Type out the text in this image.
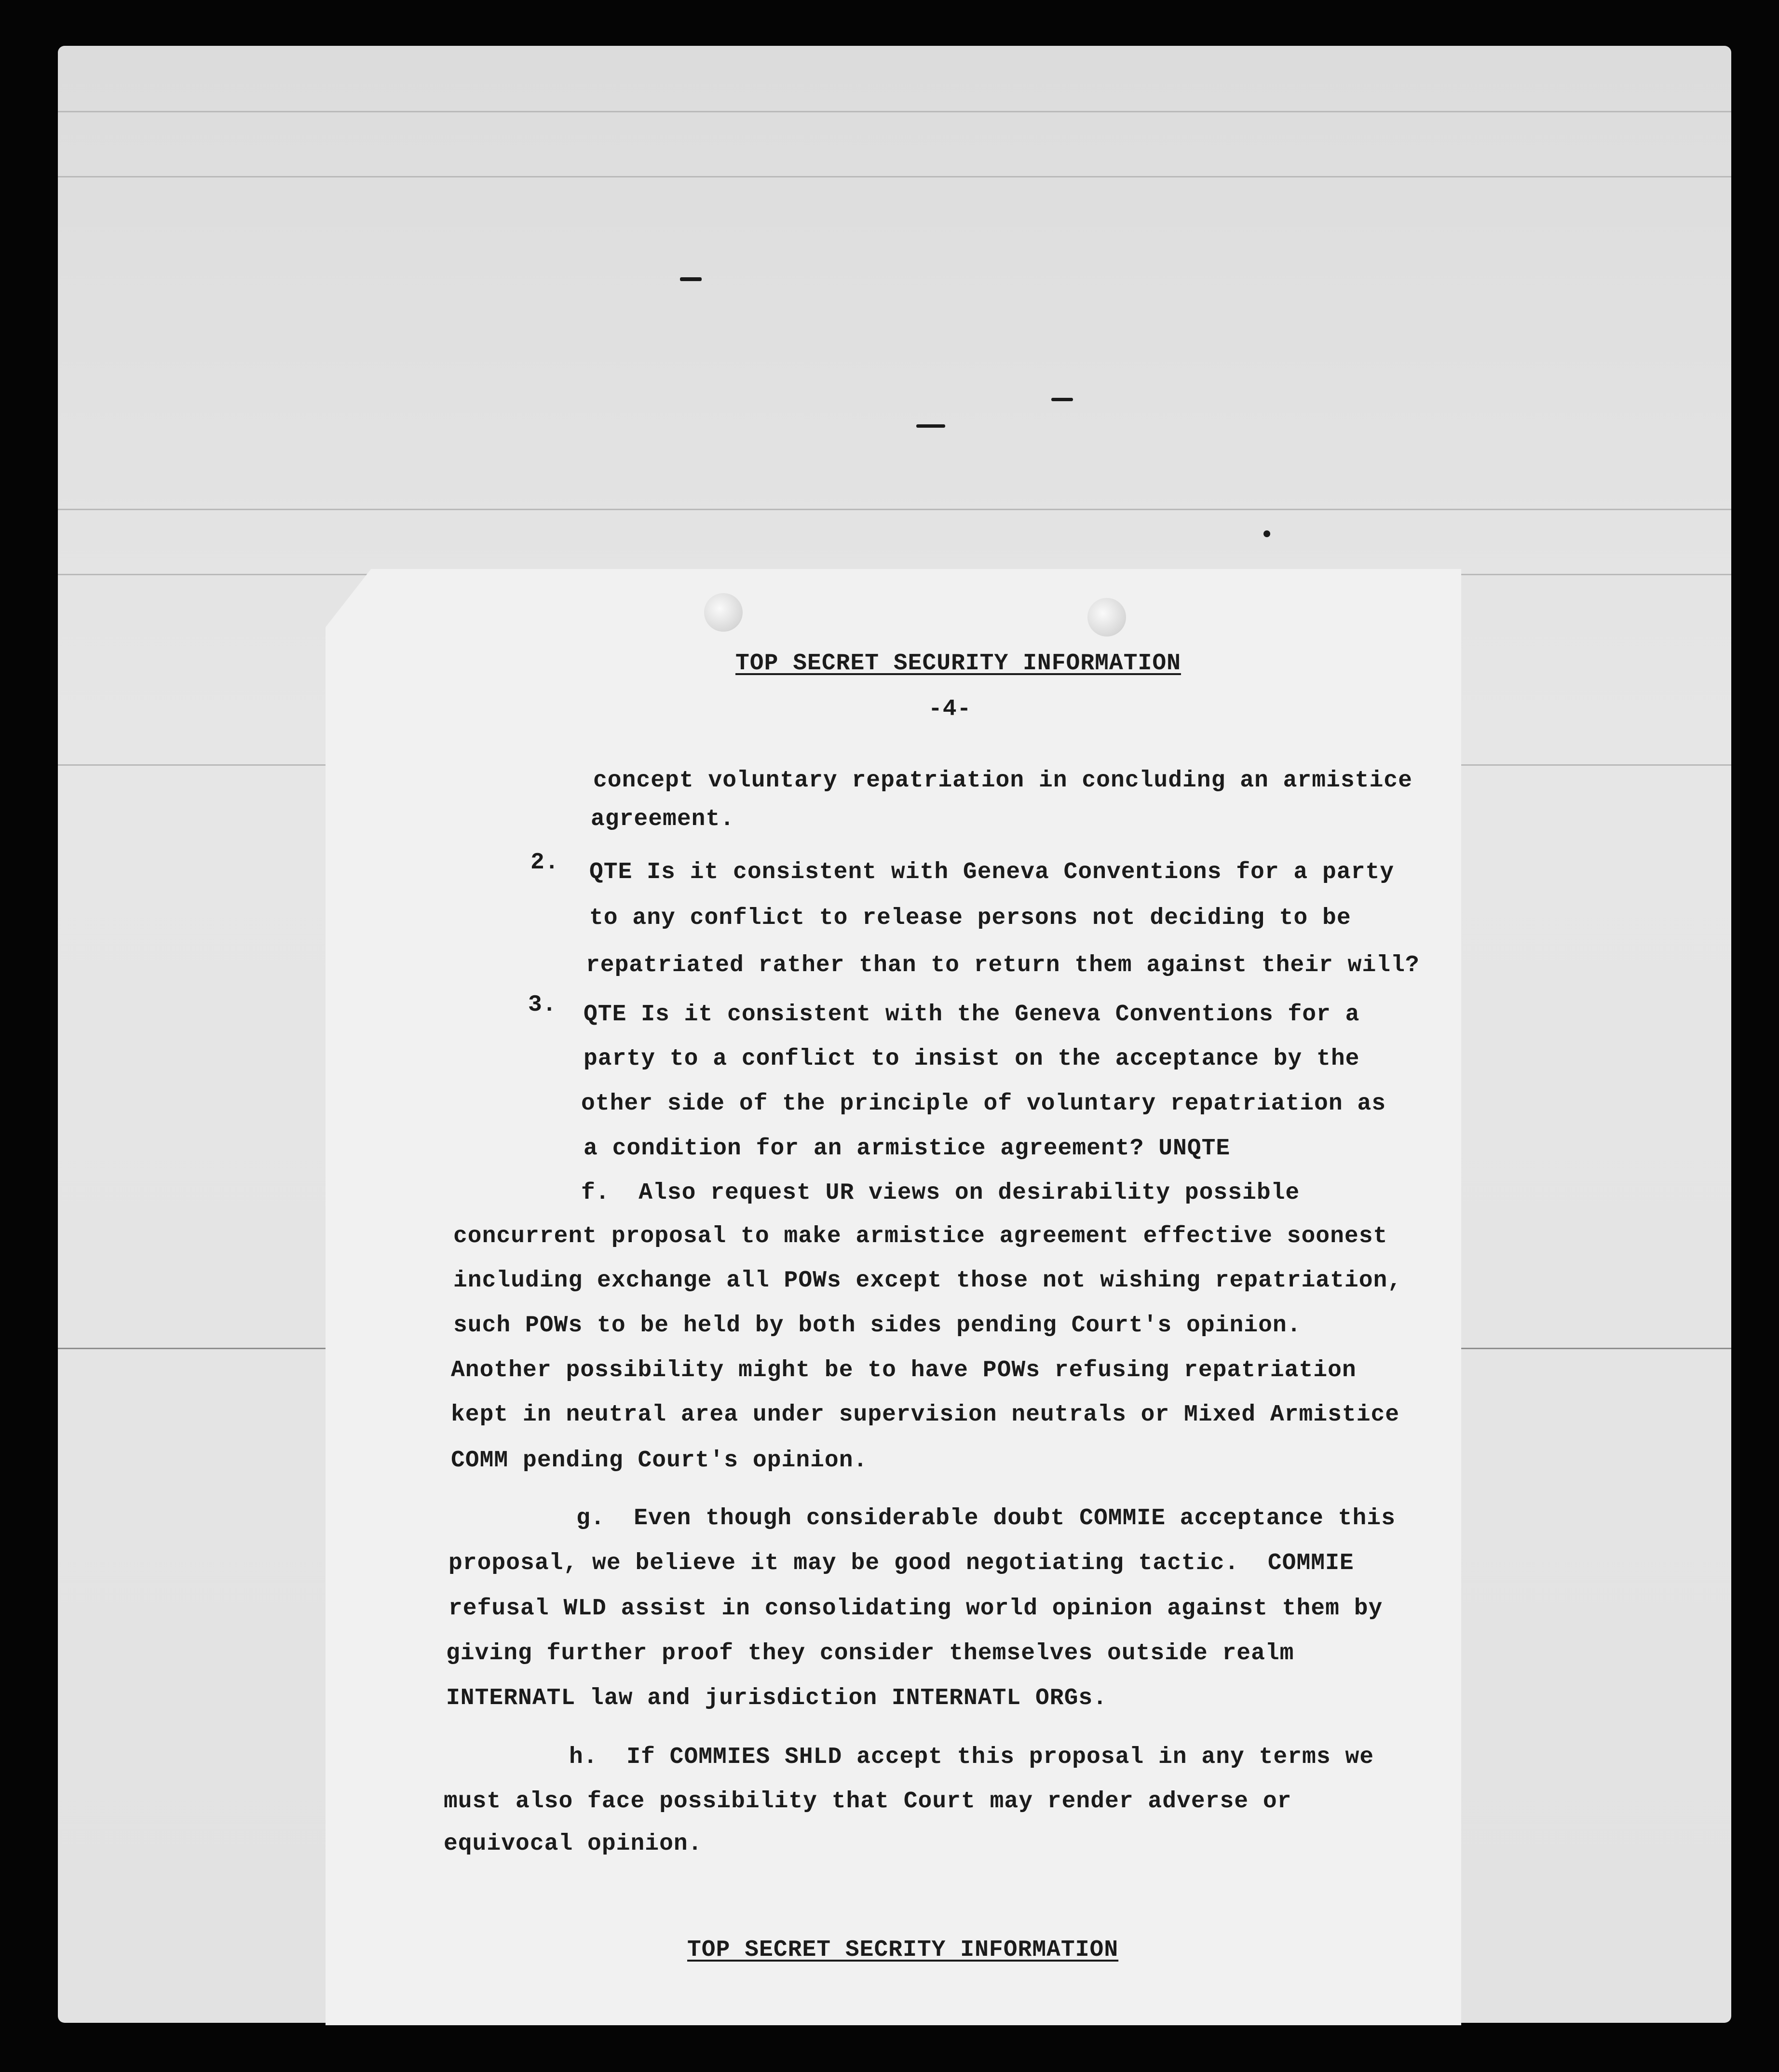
TOP SECRET SECURITY INFORMATION

-4-

concept voluntary repatriation in concluding an armistice

agreement.

2. QTE Is it consistent with Geneva Conventions for a party

to any conflict to release persons not deciding to be

repatriated rather than to return them against their will?

3. QTE Is it consistent with the Geneva Conventions for a

party to a conflict to insist on the acceptance by the

other side of the principle of voluntary repatriation as

a condition for an armistice agreement? UNQTE

f.  Also request UR views on desirability possible

concurrent proposal to make armistice agreement effective soonest

including exchange all POWs except those not wishing repatriation,

such POWs to be held by both sides pending Court's opinion.

Another possibility might be to have POWs refusing repatriation

kept in neutral area under supervision neutrals or Mixed Armistice

COMM pending Court's opinion.

g.  Even though considerable doubt COMMIE acceptance this

proposal, we believe it may be good negotiating tactic.  COMMIE

refusal WLD assist in consolidating world opinion against them by

giving further proof they consider themselves outside realm

INTERNATL law and jurisdiction INTERNATL ORGs.

h.  If COMMIES SHLD accept this proposal in any terms we

must also face possibility that Court may render adverse or

equivocal opinion.

TOP SECRET SECRITY INFORMATION
